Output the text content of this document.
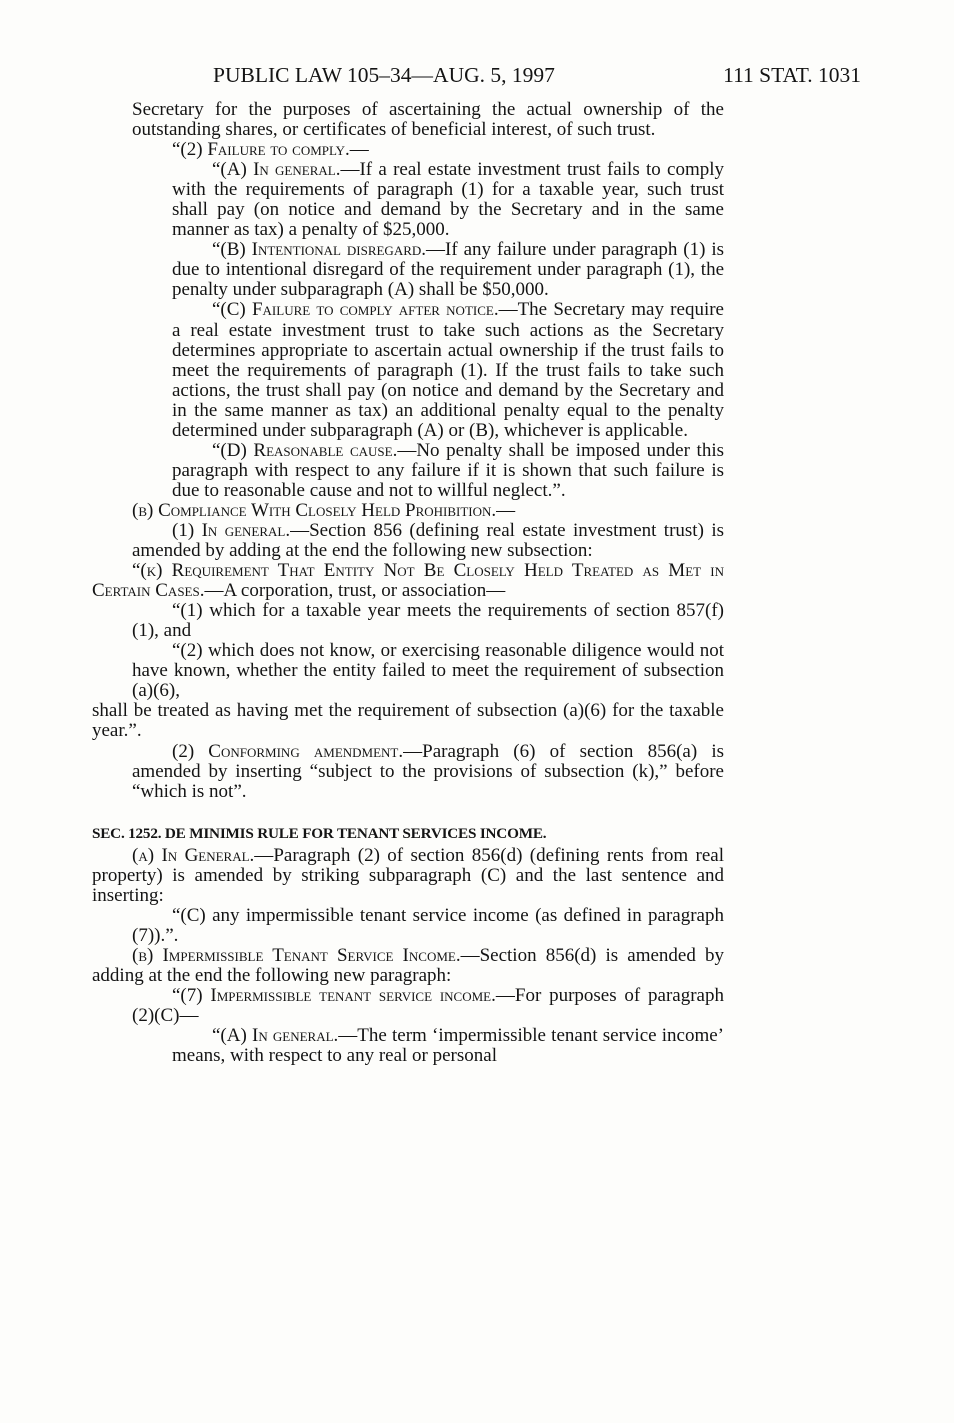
PUBLIC LAW 105–34—AUG. 5, 1997	111 STAT. 1031

Secretary for the purposes of ascertaining the actual ownership of the outstanding shares, or certificates of beneficial interest, of such trust.

“(2) Failure to comply.—

“(A) In general.—If a real estate investment trust fails to comply with the requirements of paragraph (1) for a taxable year, such trust shall pay (on notice and demand by the Secretary and in the same manner as tax) a penalty of $25,000.

“(B) Intentional disregard.—If any failure under paragraph (1) is due to intentional disregard of the requirement under paragraph (1), the penalty under subparagraph (A) shall be $50,000.

“(C) Failure to comply after notice.—The Secretary may require a real estate investment trust to take such actions as the Secretary determines appropriate to ascertain actual ownership if the trust fails to meet the requirements of paragraph (1). If the trust fails to take such actions, the trust shall pay (on notice and demand by the Secretary and in the same manner as tax) an additional penalty equal to the penalty determined under subparagraph (A) or (B), whichever is applicable.

“(D) Reasonable cause.—No penalty shall be imposed under this paragraph with respect to any failure if it is shown that such failure is due to reasonable cause and not to willful neglect.”.

(b) Compliance With Closely Held Prohibition.—

(1) In general.—Section 856 (defining real estate investment trust) is amended by adding at the end the following new subsection:

“(k) Requirement That Entity Not Be Closely Held Treated as Met in Certain Cases.—A corporation, trust, or association—

“(1) which for a taxable year meets the requirements of section 857(f)(1), and

“(2) which does not know, or exercising reasonable diligence would not have known, whether the entity failed to meet the requirement of subsection (a)(6),

shall be treated as having met the requirement of subsection (a)(6) for the taxable year.”.

(2) Conforming amendment.—Paragraph (6) of section 856(a) is amended by inserting “subject to the provisions of subsection (k),” before “which is not”.

SEC. 1252. DE MINIMIS RULE FOR TENANT SERVICES INCOME.

(a) In General.—Paragraph (2) of section 856(d) (defining rents from real property) is amended by striking subparagraph (C) and the last sentence and inserting:

“(C) any impermissible tenant service income (as defined in paragraph (7)).”.

(b) Impermissible Tenant Service Income.—Section 856(d) is amended by adding at the end the following new paragraph:

“(7) Impermissible tenant service income.—For purposes of paragraph (2)(C)—

“(A) In general.—The term ‘impermissible tenant service income’ means, with respect to any real or personal
